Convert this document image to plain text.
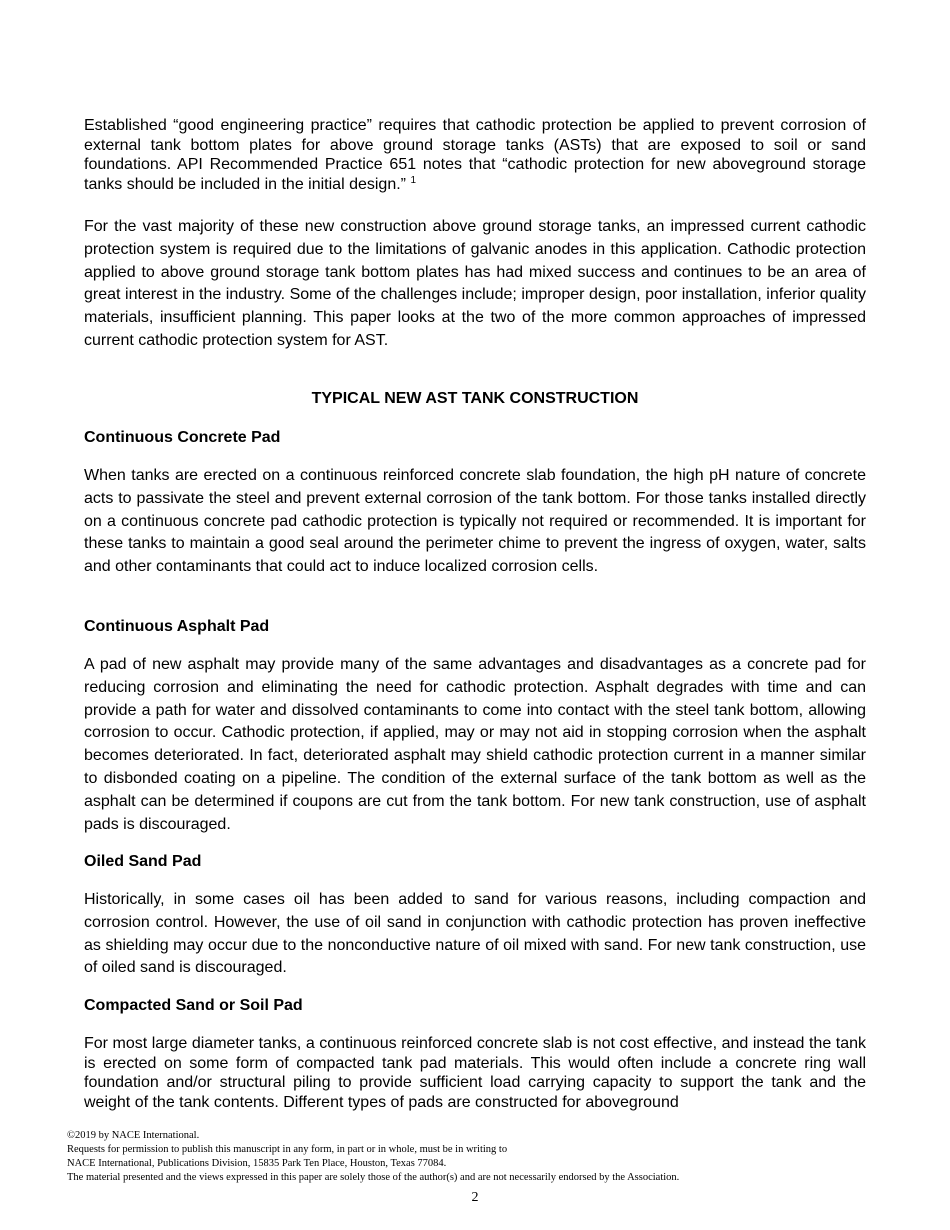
Established “good engineering practice” requires that cathodic protection be applied to prevent corrosion of external tank bottom plates for above ground storage tanks (ASTs) that are exposed to soil or sand foundations. API Recommended Practice 651 notes that “cathodic protection for new aboveground storage tanks should be included in the initial design.” $^1$

For the vast majority of these new construction above ground storage tanks, an impressed current cathodic protection system is required due to the limitations of galvanic anodes in this application. Cathodic protection applied to above ground storage tank bottom plates has had mixed success and continues to be an area of great interest in the industry. Some of the challenges include; improper design, poor installation, inferior quality materials, insufficient planning. This paper looks at the two of the more common approaches of impressed current cathodic protection system for AST.

TYPICAL NEW AST TANK CONSTRUCTION
Continuous Concrete Pad

When tanks are erected on a continuous reinforced concrete slab foundation, the high pH nature of concrete acts to passivate the steel and prevent external corrosion of the tank bottom. For those tanks installed directly on a continuous concrete pad cathodic protection is typically not required or recommended. It is important for these tanks to maintain a good seal around the perimeter chime to prevent the ingress of oxygen, water, salts and other contaminants that could act to induce localized corrosion cells.

Continuous Asphalt Pad

A pad of new asphalt may provide many of the same advantages and disadvantages as a concrete pad for reducing corrosion and eliminating the need for cathodic protection. Asphalt degrades with time and can provide a path for water and dissolved contaminants to come into contact with the steel tank bottom, allowing corrosion to occur. Cathodic protection, if applied, may or may not aid in stopping corrosion when the asphalt becomes deteriorated. In fact, deteriorated asphalt may shield cathodic protection current in a manner similar to disbonded coating on a pipeline. The condition of the external surface of the tank bottom as well as the asphalt can be determined if coupons are cut from the tank bottom. For new tank construction, use of asphalt pads is discouraged.

Oiled Sand Pad

Historically, in some cases oil has been added to sand for various reasons, including compaction and corrosion control. However, the use of oil sand in conjunction with cathodic protection has proven ineffective as shielding may occur due to the nonconductive nature of oil mixed with sand. For new tank construction, use of oiled sand is discouraged.

Compacted Sand or Soil Pad

For most large diameter tanks, a continuous reinforced concrete slab is not cost effective, and instead the tank is erected on some form of compacted tank pad materials. This would often include a concrete ring wall foundation and/or structural piling to provide sufficient load carrying capacity to support the tank and the weight of the tank contents. Different types of pads are constructed for aboveground

©2019 by NACE International.
Requests for permission to publish this manuscript in any form, in part or in whole, must be in writing to
NACE International, Publications Division, 15835 Park Ten Place, Houston, Texas 77084.
The material presented and the views expressed in this paper are solely those of the author(s) and are not necessarily endorsed by the Association.
2
